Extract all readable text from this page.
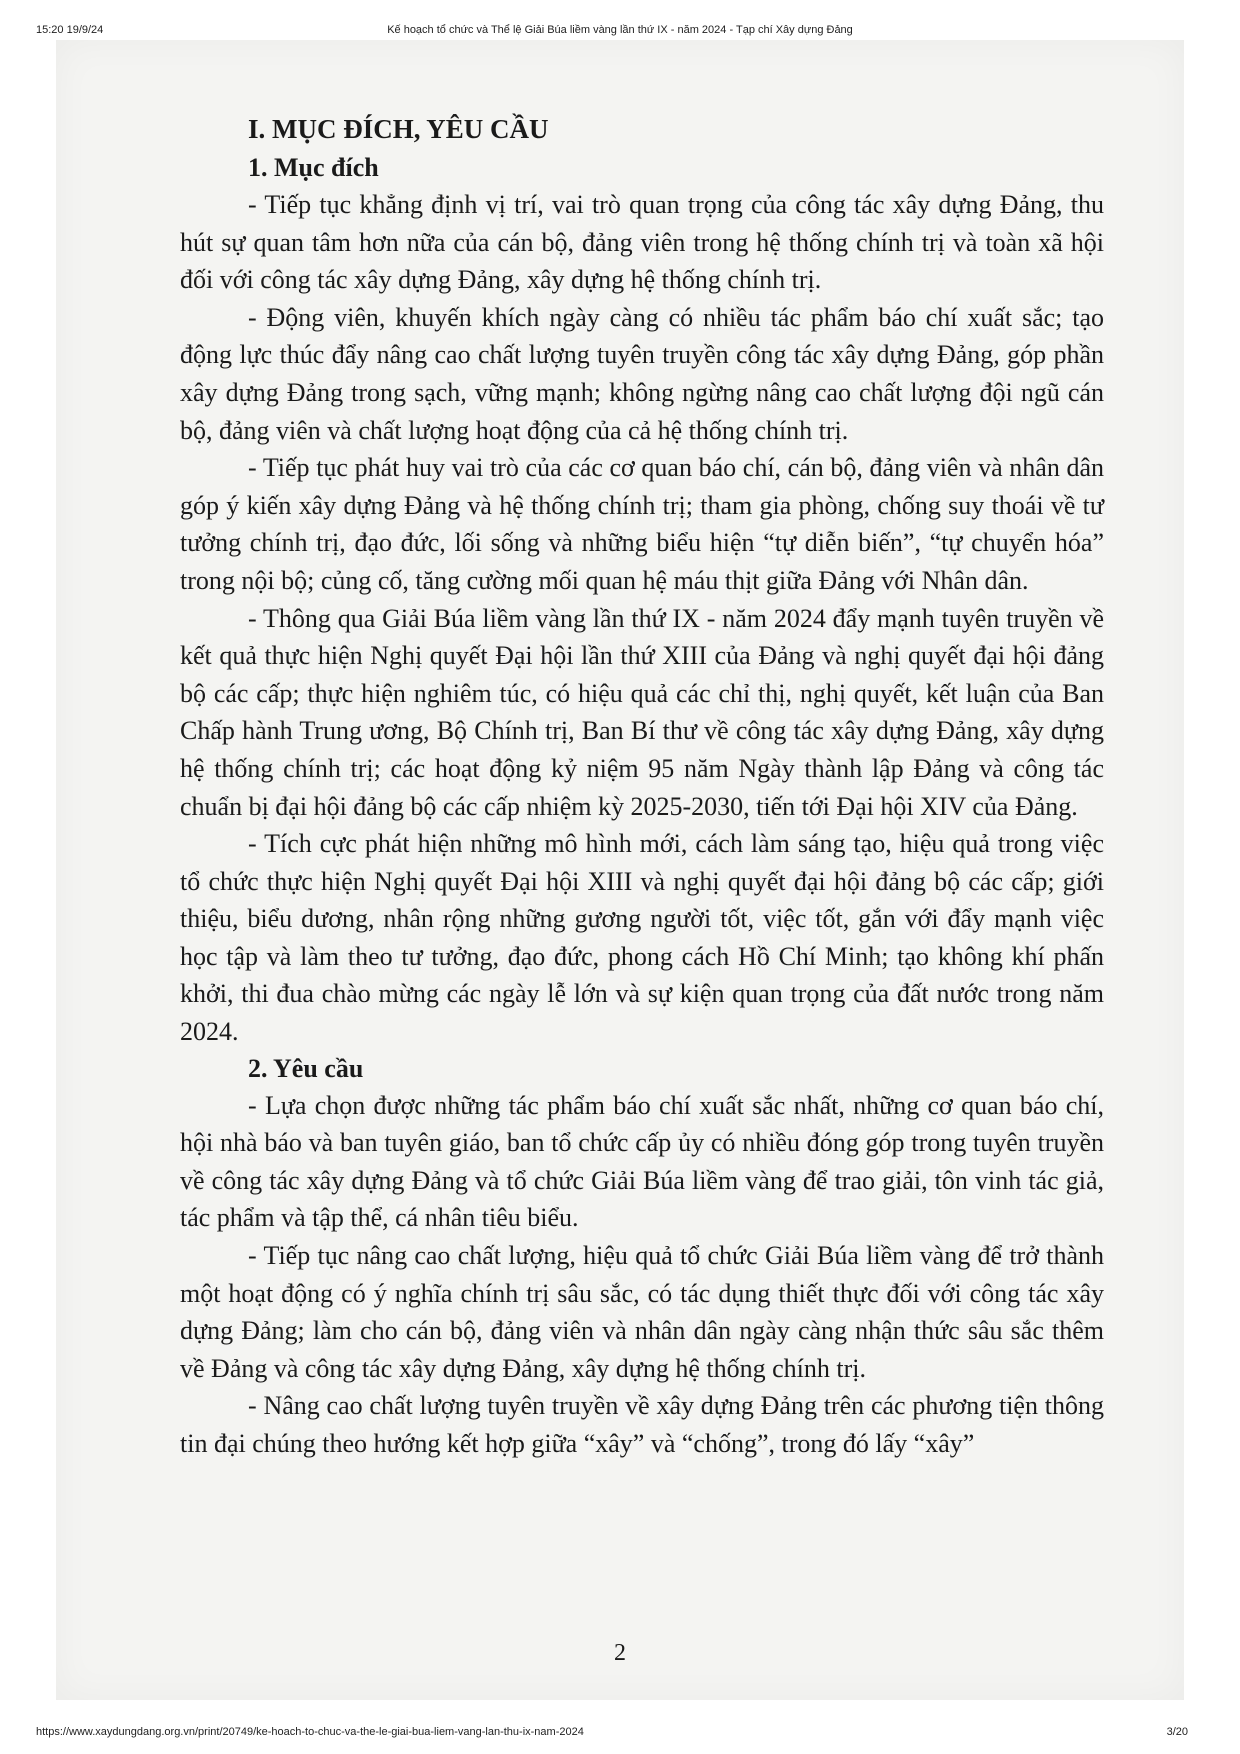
15:20 19/9/24	Kế hoạch tổ chức và Thể lệ Giải Búa liềm vàng lần thứ IX - năm 2024 - Tạp chí Xây dựng Đảng

I. MỤC ĐÍCH, YÊU CẦU

1. Mục đích

- Tiếp tục khẳng định vị trí, vai trò quan trọng của công tác xây dựng Đảng, thu hút sự quan tâm hơn nữa của cán bộ, đảng viên trong hệ thống chính trị và toàn xã hội đối với công tác xây dựng Đảng, xây dựng hệ thống chính trị.

- Động viên, khuyến khích ngày càng có nhiều tác phẩm báo chí xuất sắc; tạo động lực thúc đẩy nâng cao chất lượng tuyên truyền công tác xây dựng Đảng, góp phần xây dựng Đảng trong sạch, vững mạnh; không ngừng nâng cao chất lượng đội ngũ cán bộ, đảng viên và chất lượng hoạt động của cả hệ thống chính trị.

- Tiếp tục phát huy vai trò của các cơ quan báo chí, cán bộ, đảng viên và nhân dân góp ý kiến xây dựng Đảng và hệ thống chính trị; tham gia phòng, chống suy thoái về tư tưởng chính trị, đạo đức, lối sống và những biểu hiện “tự diễn biến”, “tự chuyển hóa” trong nội bộ; củng cố, tăng cường mối quan hệ máu thịt giữa Đảng với Nhân dân.

- Thông qua Giải Búa liềm vàng lần thứ IX - năm 2024 đẩy mạnh tuyên truyền về kết quả thực hiện Nghị quyết Đại hội lần thứ XIII của Đảng và nghị quyết đại hội đảng bộ các cấp; thực hiện nghiêm túc, có hiệu quả các chỉ thị, nghị quyết, kết luận của Ban Chấp hành Trung ương, Bộ Chính trị, Ban Bí thư về công tác xây dựng Đảng, xây dựng hệ thống chính trị; các hoạt động kỷ niệm 95 năm Ngày thành lập Đảng và công tác chuẩn bị đại hội đảng bộ các cấp nhiệm kỳ 2025-2030, tiến tới Đại hội XIV của Đảng.

- Tích cực phát hiện những mô hình mới, cách làm sáng tạo, hiệu quả trong việc tổ chức thực hiện Nghị quyết Đại hội XIII và nghị quyết đại hội đảng bộ các cấp; giới thiệu, biểu dương, nhân rộng những gương người tốt, việc tốt, gắn với đẩy mạnh việc học tập và làm theo tư tưởng, đạo đức, phong cách Hồ Chí Minh; tạo không khí phấn khởi, thi đua chào mừng các ngày lễ lớn và sự kiện quan trọng của đất nước trong năm 2024.

2. Yêu cầu

- Lựa chọn được những tác phẩm báo chí xuất sắc nhất, những cơ quan báo chí, hội nhà báo và ban tuyên giáo, ban tổ chức cấp ủy có nhiều đóng góp trong tuyên truyền về công tác xây dựng Đảng và tổ chức Giải Búa liềm vàng để trao giải, tôn vinh tác giả, tác phẩm và tập thể, cá nhân tiêu biểu.

- Tiếp tục nâng cao chất lượng, hiệu quả tổ chức Giải Búa liềm vàng để trở thành một hoạt động có ý nghĩa chính trị sâu sắc, có tác dụng thiết thực đối với công tác xây dựng Đảng; làm cho cán bộ, đảng viên và nhân dân ngày càng nhận thức sâu sắc thêm về Đảng và công tác xây dựng Đảng, xây dựng hệ thống chính trị.

- Nâng cao chất lượng tuyên truyền về xây dựng Đảng trên các phương tiện thông tin đại chúng theo hướng kết hợp giữa “xây” và “chống”, trong đó lấy “xây”

2
https://www.xaydungdang.org.vn/print/20749/ke-hoach-to-chuc-va-the-le-giai-bua-liem-vang-lan-thu-ix-nam-2024	3/20
